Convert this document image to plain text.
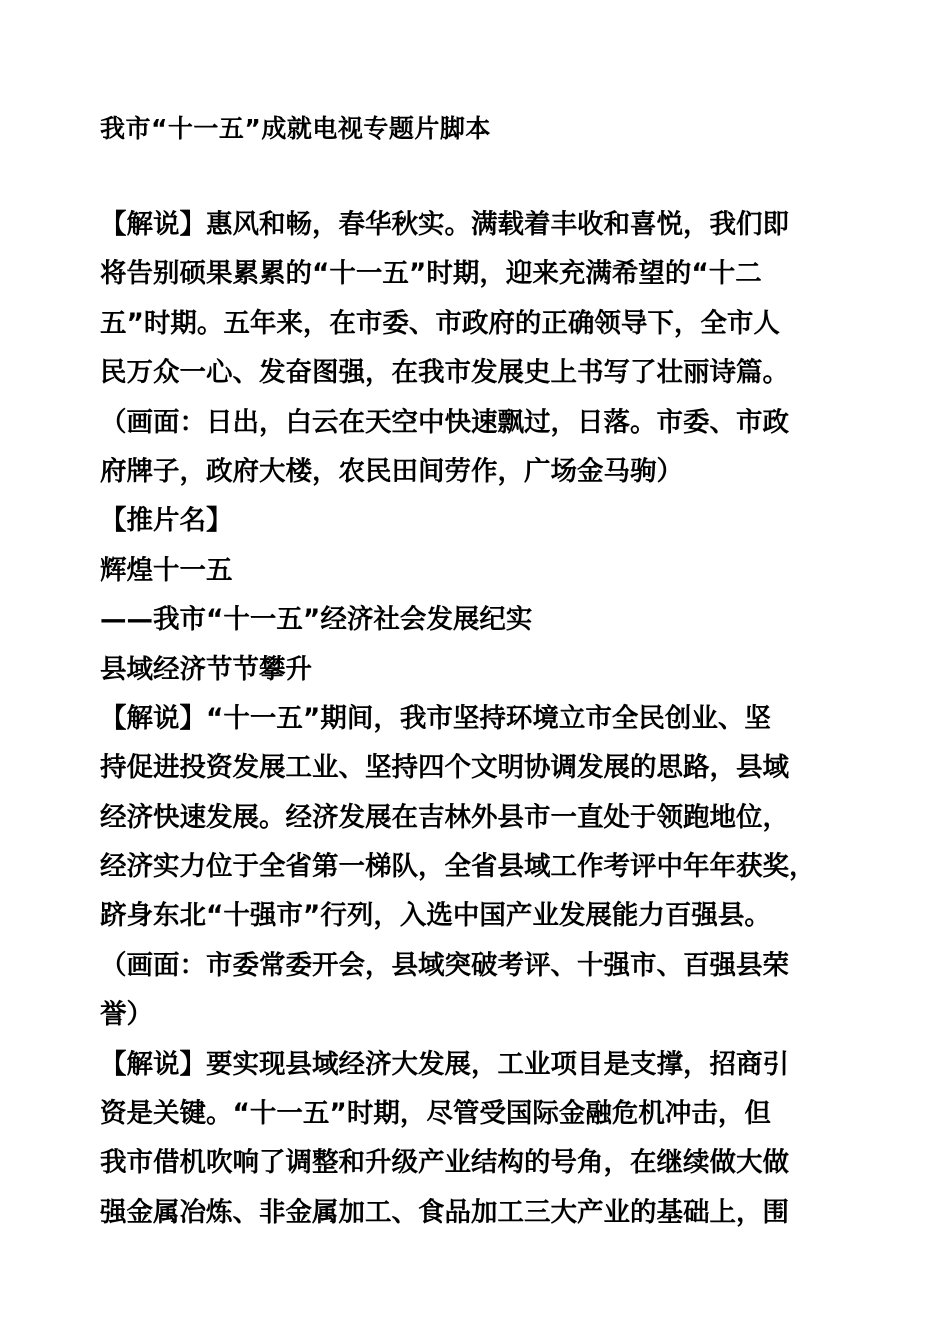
我市“十一五”成就电视专题片脚本
【解说】惠风和畅，春华秋实。满载着丰收和喜悦，我们即
将告别硕果累累的“十一五”时期，迎来充满希望的“十二
五”时期。五年来，在市委、市政府的正确领导下，全市人
民万众一心、发奋图强，在我市发展史上书写了壮丽诗篇。
（画面：日出，白云在天空中快速飘过，日落。市委、市政
府牌子，政府大楼，农民田间劳作，广场金马驹）
【推片名】
辉煌十一五
——我市“十一五”经济社会发展纪实
县域经济节节攀升
【解说】“十一五”期间，我市坚持环境立市全民创业、坚
持促进投资发展工业、坚持四个文明协调发展的思路，县域
经济快速发展。经济发展在吉林外县市一直处于领跑地位，
经济实力位于全省第一梯队，全省县域工作考评中年年获奖，
跻身东北“十强市”行列，入选中国产业发展能力百强县。
（画面：市委常委开会，县域突破考评、十强市、百强县荣
誉）
【解说】要实现县域经济大发展，工业项目是支撑，招商引
资是关键。“十一五”时期，尽管受国际金融危机冲击，但
我市借机吹响了调整和升级产业结构的号角，在继续做大做
强金属冶炼、非金属加工、食品加工三大产业的基础上，围
